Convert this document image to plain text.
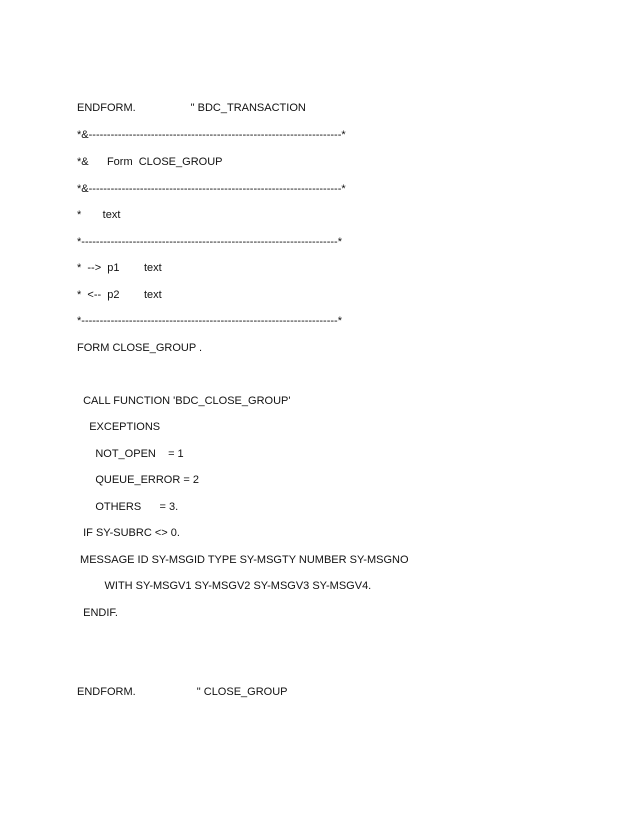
ENDFORM.                  " BDC_TRANSACTION
*&---------------------------------------------------------------------*
*&      Form  CLOSE_GROUP
*&---------------------------------------------------------------------*
*       text
*----------------------------------------------------------------------*
*  -->  p1        text
*  <--  p2        text
*----------------------------------------------------------------------*
FORM CLOSE_GROUP .
CALL FUNCTION 'BDC_CLOSE_GROUP'
EXCEPTIONS
NOT_OPEN    = 1
QUEUE_ERROR = 2
OTHERS      = 3.
IF SY-SUBRC <> 0.
MESSAGE ID SY-MSGID TYPE SY-MSGTY NUMBER SY-MSGNO
WITH SY-MSGV1 SY-MSGV2 SY-MSGV3 SY-MSGV4.
ENDIF.
ENDFORM.                    " CLOSE_GROUP
